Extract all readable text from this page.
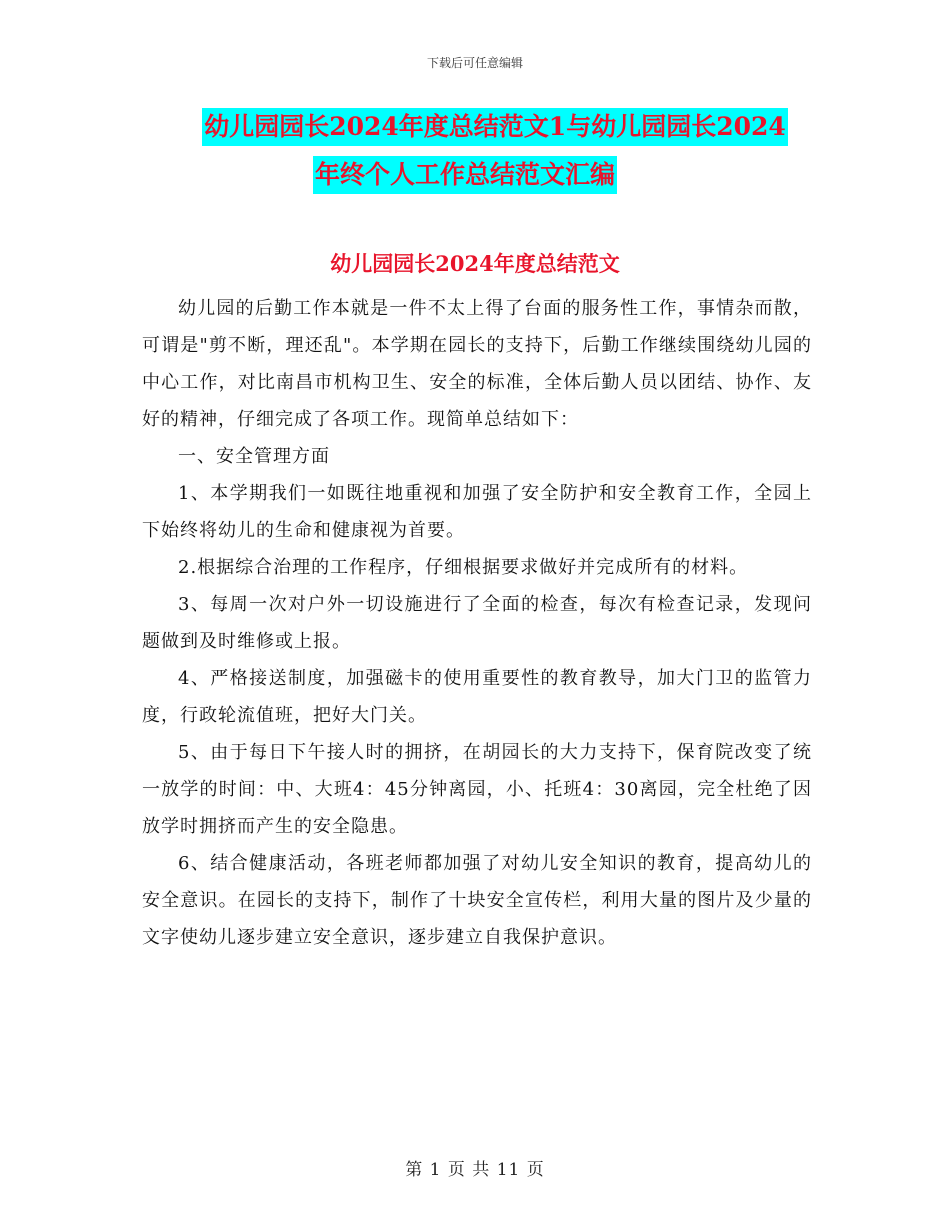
下载后可任意编辑
幼儿园园长2024年度总结范文1与幼儿园园长2024
年终个人工作总结范文汇编
幼儿园园长2024年度总结范文

幼儿园的后勤工作本就是一件不太上得了台面的服务性工作，事情杂而散，可谓是"剪不断，理还乱"。本学期在园长的支持下，后勤工作继续围绕幼儿园的中心工作，对比南昌市机构卫生、安全的标准，全体后勤人员以团结、协作、友好的精神，仔细完成了各项工作。现简单总结如下：

一、安全管理方面

1、本学期我们一如既往地重视和加强了安全防护和安全教育工作，全园上下始终将幼儿的生命和健康视为首要。

2.根据综合治理的工作程序，仔细根据要求做好并完成所有的材料。

3、每周一次对户外一切设施进行了全面的检查，每次有检查记录，发现问题做到及时维修或上报。

4、严格接送制度，加强磁卡的使用重要性的教育教导，加大门卫的监管力度，行政轮流值班，把好大门关。

5、由于每日下午接人时的拥挤，在胡园长的大力支持下，保育院改变了统一放学的时间：中、大班4：45分钟离园，小、托班4：30离园，完全杜绝了因放学时拥挤而产生的安全隐患。

6、结合健康活动，各班老师都加强了对幼儿安全知识的教育，提高幼儿的安全意识。在园长的支持下，制作了十块安全宣传栏，利用大量的图片及少量的文字使幼儿逐步建立安全意识，逐步建立自我保护意识。

第 1 页 共 11 页
